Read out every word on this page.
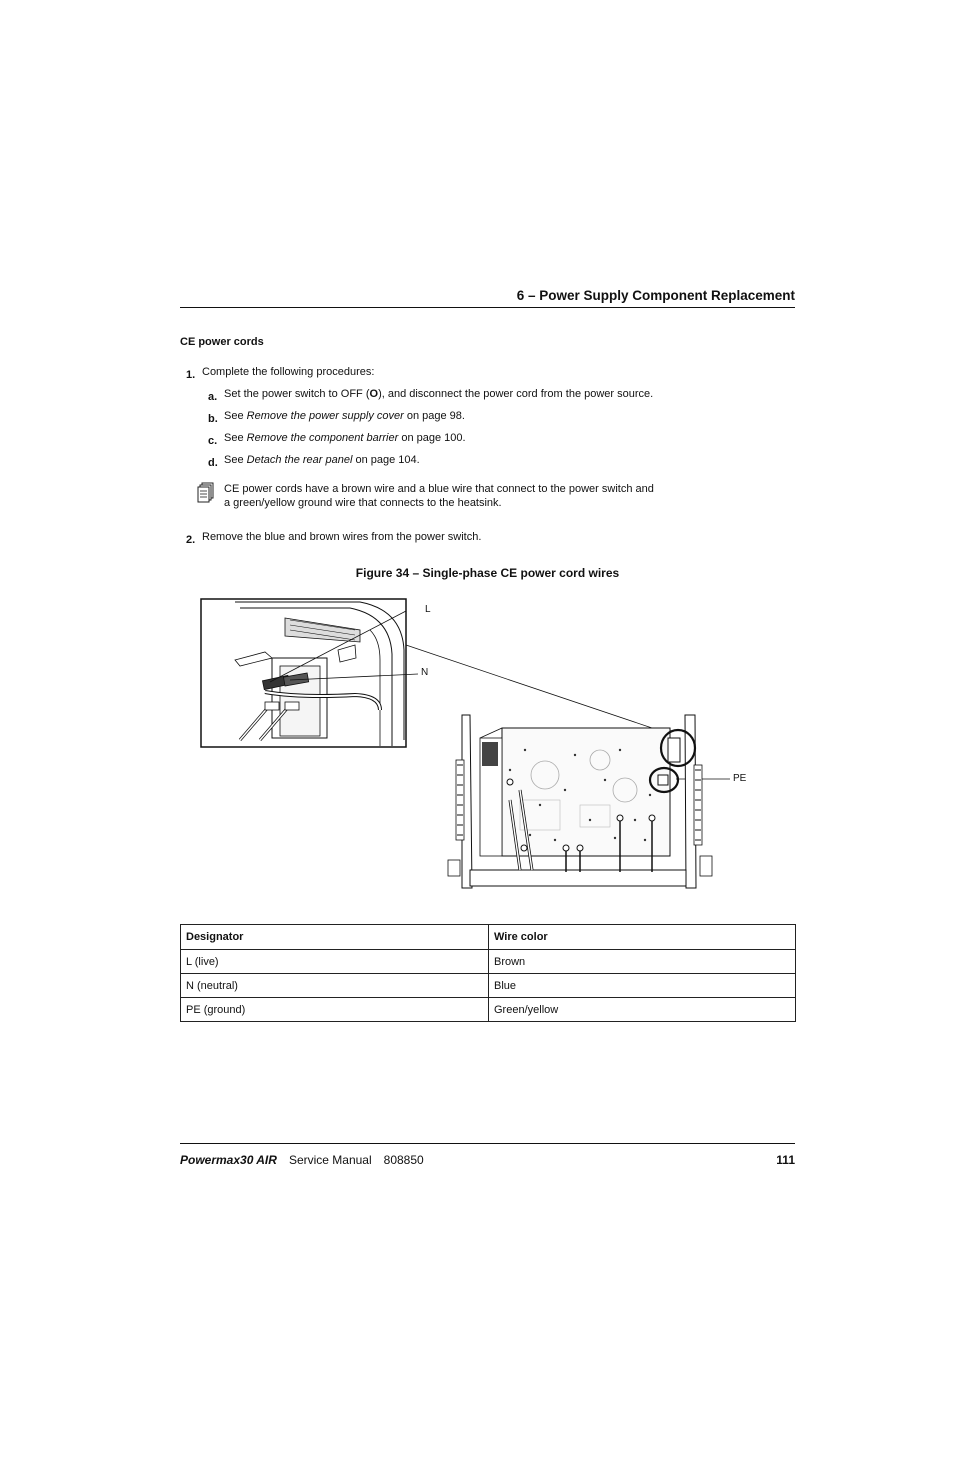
6 – Power Supply Component Replacement
CE power cords
1. Complete the following procedures:
a. Set the power switch to OFF (O), and disconnect the power cord from the power source.
b. See Remove the power supply cover on page 98.
c. See Remove the component barrier on page 100.
d. See Detach the rear panel on page 104.
CE power cords have a brown wire and a blue wire that connect to the power switch and
a green/yellow ground wire that connects to the heatsink.
2. Remove the blue and brown wires from the power switch.
Figure 34 – Single-phase CE power cord wires
L
N
PE
Designator	Wire color
L (live)	Brown
N (neutral)	Blue
PE (ground)	Green/yellow
Powermax30 AIR Service Manual 808850	111
